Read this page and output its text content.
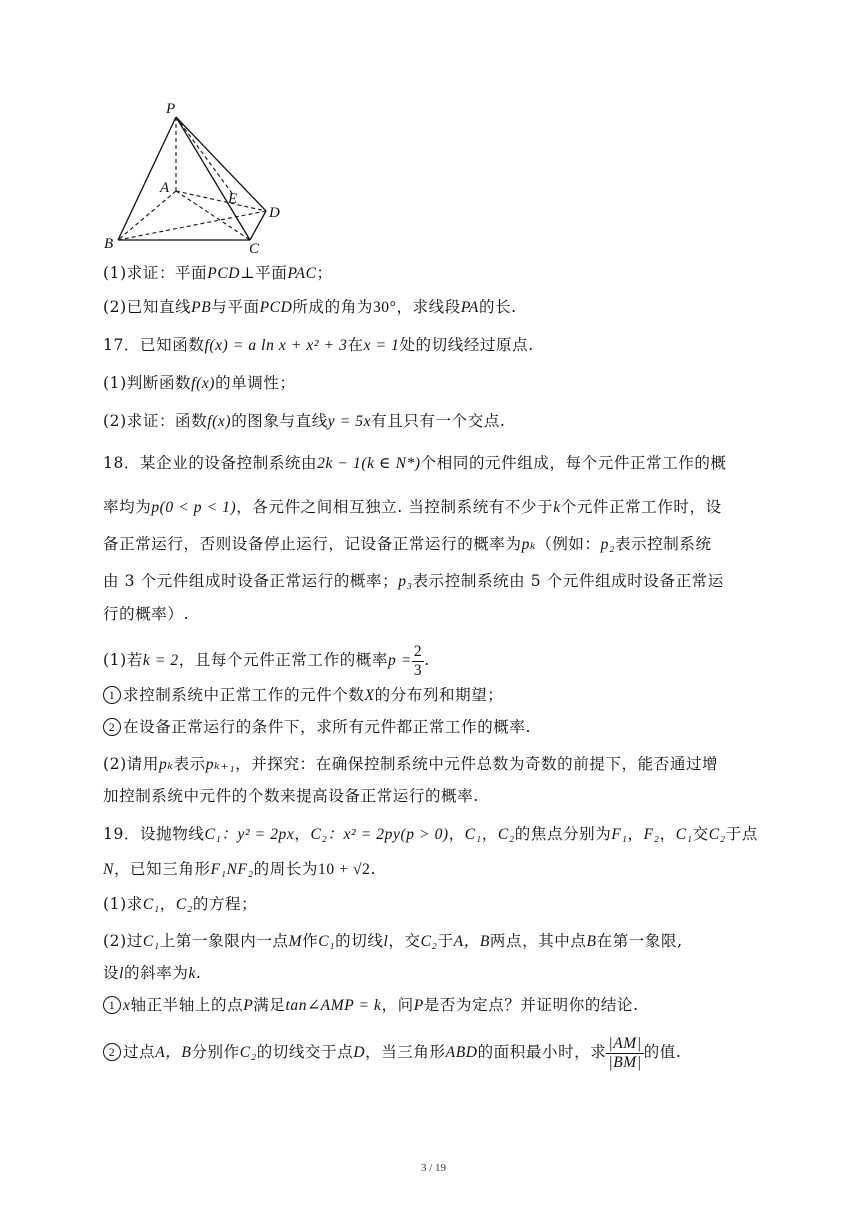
P
A
E
D
B	C
(1)求证：平面PCD⊥平面PAC；
(2)已知直线PB与平面PCD所成的角为30°，求线段PA的长.
17．已知函数f(x) = a ln x + x² + 3在x = 1处的切线经过原点.
(1)判断函数f(x)的单调性；
(2)求证：函数f(x)的图象与直线y = 5x有且只有一个交点.
18．某企业的设备控制系统由2k − 1(k ∈ N*)个相同的元件组成，每个元件正常工作的概
率均为p(0 < p < 1)，各元件之间相互独立. 当控制系统有不少于k个元件正常工作时，设
备正常运行，否则设备停止运行，记设备正常运行的概率为pₖ（例如：p₂表示控制系统
由 3 个元件组成时设备正常运行的概率；p₃表示控制系统由 5 个元件组成时设备正常运
行的概率）.
(1)若k = 2，且每个元件正常工作的概率$p = \frac{2}{3}$ .
1 求控制系统中正常工作的元件个数X的分布列和期望；
2 在设备正常运行的条件下，求所有元件都正常工作的概率.
(2)请用pₖ表示pₖ₊₁，并探究：在确保控制系统中元件总数为奇数的前提下，能否通过增
加控制系统中元件的个数来提高设备正常运行的概率.
19．设抛物线C₁：y² = 2px，C₂：x² = 2py(p > 0)，C₁，C₂的焦点分别为F₁，F₂，C₁交C₂于点
N，已知三角形F₁NF₂的周长为10 + √2.
(1)求C₁，C₂的方程；
(2)过C₁上第一象限内一点M作C₁的切线l，交C₂于A，B两点，其中点B在第一象限,
设l的斜率为k.
1 x轴正半轴上的点P满足tan∠AMP = k，问P是否为定点？并证明你的结论.
2 过点A，B分别作C₂的切线交于点D，当三角形ABD的面积最小时，求 $\frac{|AM|}{|BM|}$ 的值.
3 / 19
